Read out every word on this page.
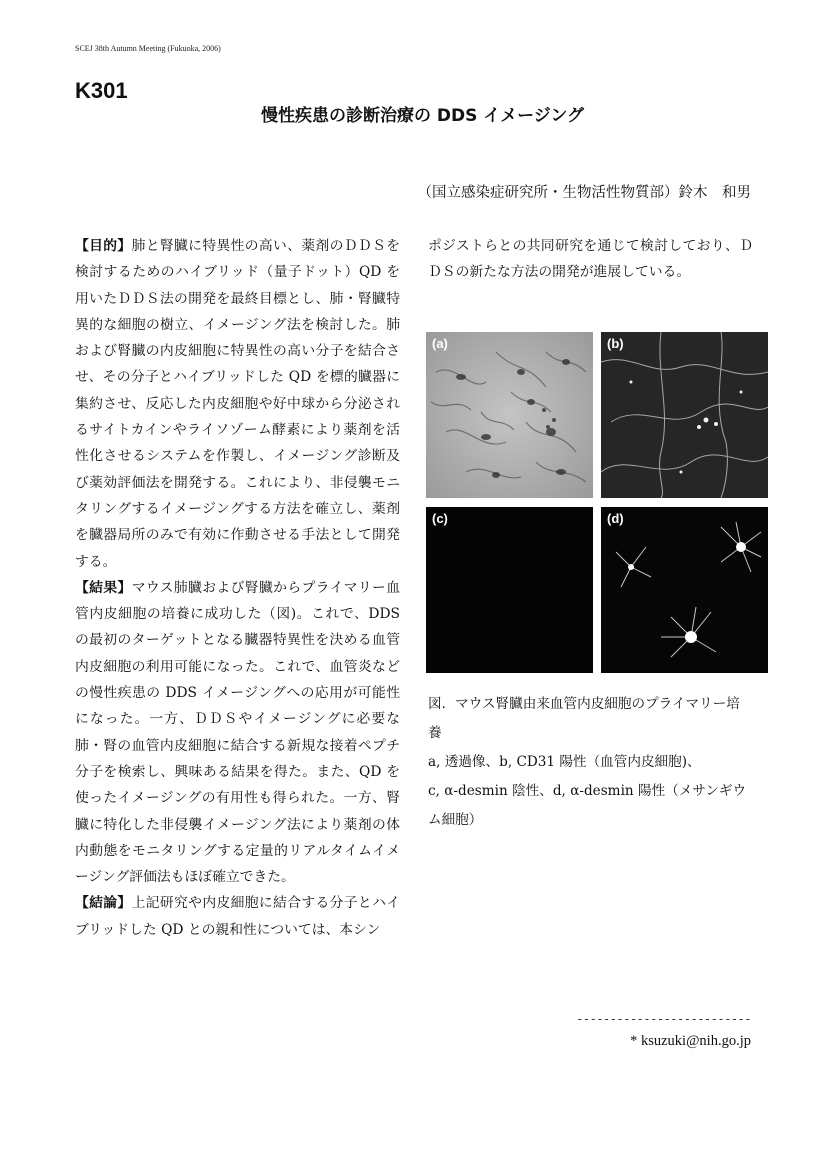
SCEJ 38th Autumn Meeting (Fukuoka, 2006)
K301
慢性疾患の診断治療の DDS イメージング
（国立感染症研究所・生物活性物質部）鈴木　和男

【目的】肺と腎臓に特異性の高い、薬剤のＤＤＳを検討するためのハイブリッド（量子ドット）QD を用いたＤＤＳ法の開発を最終目標とし、肺・腎臓特異的な細胞の樹立、イメージング法を検討した。肺および腎臓の内皮細胞に特異性の高い分子を結合させ、その分子とハイブリッドした QD を標的臓器に集約させ、反応した内皮細胞や好中球から分泌されるサイトカインやライソゾーム酵素により薬剤を活性化させるシステムを作製し、イメージング診断及び薬効評価法を開発する。これにより、非侵襲モニタリングするイメージングする方法を確立し、薬剤を臓器局所のみで有効に作動させる手法として開発する。

【結果】マウス肺臓および腎臓からプライマリー血管内皮細胞の培養に成功した（図)。これで、DDS の最初のターゲットとなる臓器特異性を決める血管内皮細胞の利用可能になった。これで、血管炎などの慢性疾患の DDS イメージングへの応用が可能性になった。一方、ＤＤＳやイメージングに必要な肺・腎の血管内皮細胞に結合する新規な接着ペプチ分子を検索し、興味ある結果を得た。また、QD を使ったイメージングの有用性も得られた。一方、腎臓に特化した非侵襲イメージング法により薬剤の体内動態をモニタリングする定量的リアルタイムイメージング評価法もほぼ確立できた。

【結論】上記研究や内皮細胞に結合する分子とハイブリッドした QD との親和性については、本シン

ポジストらとの共同研究を通じて検討しており、ＤＤＳの新たな方法の開発が進展している。
(a)	(b)
(c)	(d)
図．マウス腎臓由来血管内皮細胞のプライマリー培養
a, 透過像、b, CD31 陽性（血管内皮細胞)、
c, α-desmin 陰性、d, α-desmin 陽性（メサンギウム細胞）
--------------------------
* ksuzuki@nih.go.jp
